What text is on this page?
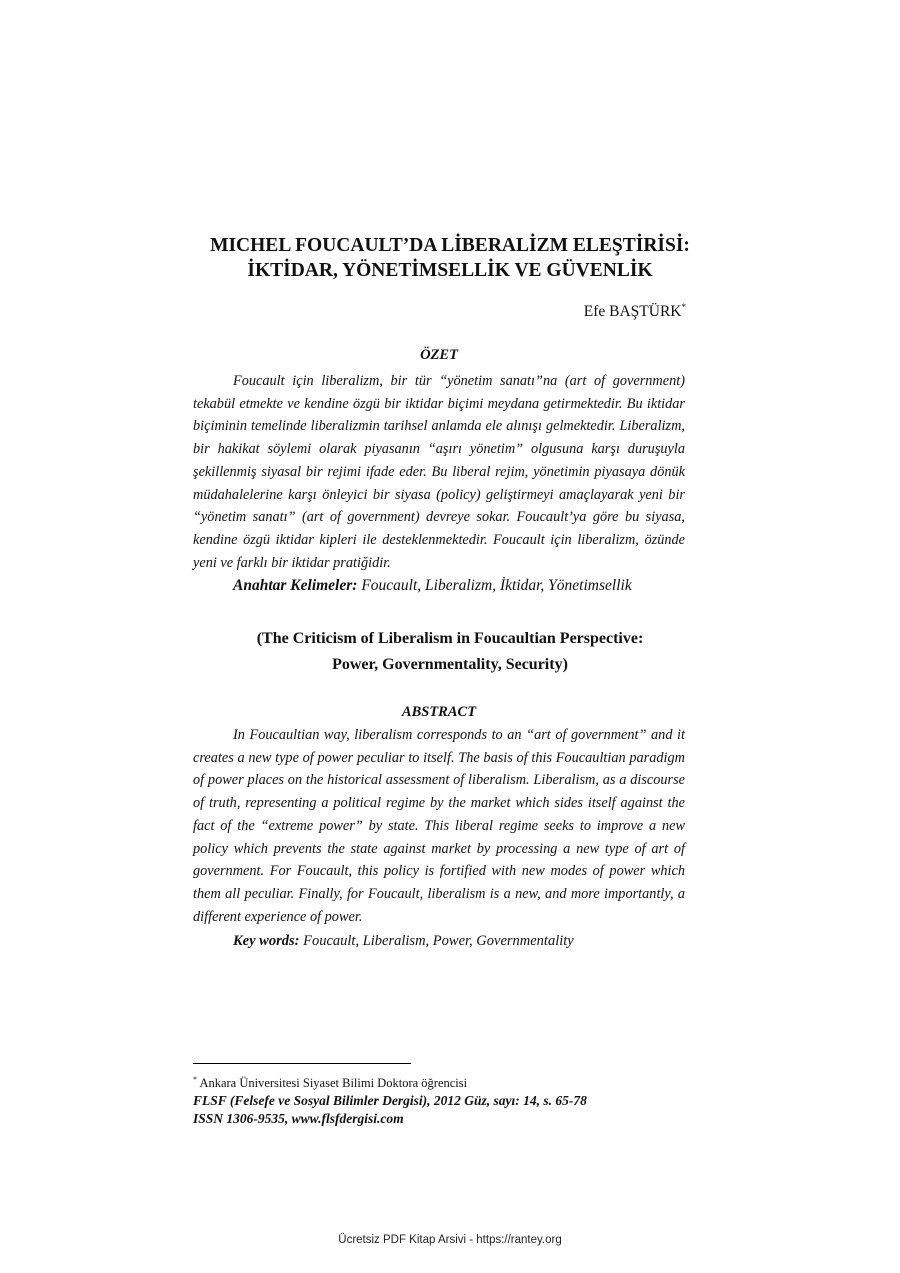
MICHEL FOUCAULT’DA LİBERALİZM ELEŞTİRİSİ:
İKTİDAR, YÖNETİMSELLİK VE GÜVENLİK
Efe BAŞTÜRK*
ÖZET

Foucault için liberalizm, bir tür “yönetim sanatı”na (art of government) tekabül etmekte ve kendine özgü bir iktidar biçimi meydana getirmektedir. Bu iktidar biçiminin temelinde liberalizmin tarihsel anlamda ele alınışı gelmektedir. Liberalizm, bir hakikat söylemi olarak piyasanın “aşırı yönetim” olgusuna karşı duruşuyla şekillenmiş siyasal bir rejimi ifade eder. Bu liberal rejim, yönetimin piyasaya dönük müdahalelerine karşı önleyici bir siyasa (policy) geliştirmeyi amaçlayarak yeni bir “yönetim sanatı” (art of government) devreye sokar. Foucault’ya göre bu siyasa, kendine özgü iktidar kipleri ile desteklenmektedir. Foucault için liberalizm, özünde yeni ve farklı bir iktidar pratiğidir.

Anahtar Kelimeler: Foucault, Liberalizm, İktidar, Yönetimsellik
(The Criticism of Liberalism in Foucaultian Perspective:
Power, Governmentality, Security)
ABSTRACT

In Foucaultian way, liberalism corresponds to an “art of government” and it creates a new type of power peculiar to itself. The basis of this Foucaultian paradigm of power places on the historical assessment of liberalism. Liberalism, as a discourse of truth, representing a political regime by the market which sides itself against the fact of the “extreme power” by state. This liberal regime seeks to improve a new policy which prevents the state against market by processing a new type of art of government. For Foucault, this policy is fortified with new modes of power which them all peculiar. Finally, for Foucault, liberalism is a new, and more importantly, a different experience of power.

Key words: Foucault, Liberalism, Power, Governmentality
* Ankara Üniversitesi Siyaset Bilimi Doktora öğrencisi
FLSF (Felsefe ve Sosyal Bilimler Dergisi), 2012 Güz, sayı: 14, s. 65-78
ISSN 1306-9535, www.flsfdergisi.com
Ücretsiz PDF Kitap Arsivi - https://rantey.org
